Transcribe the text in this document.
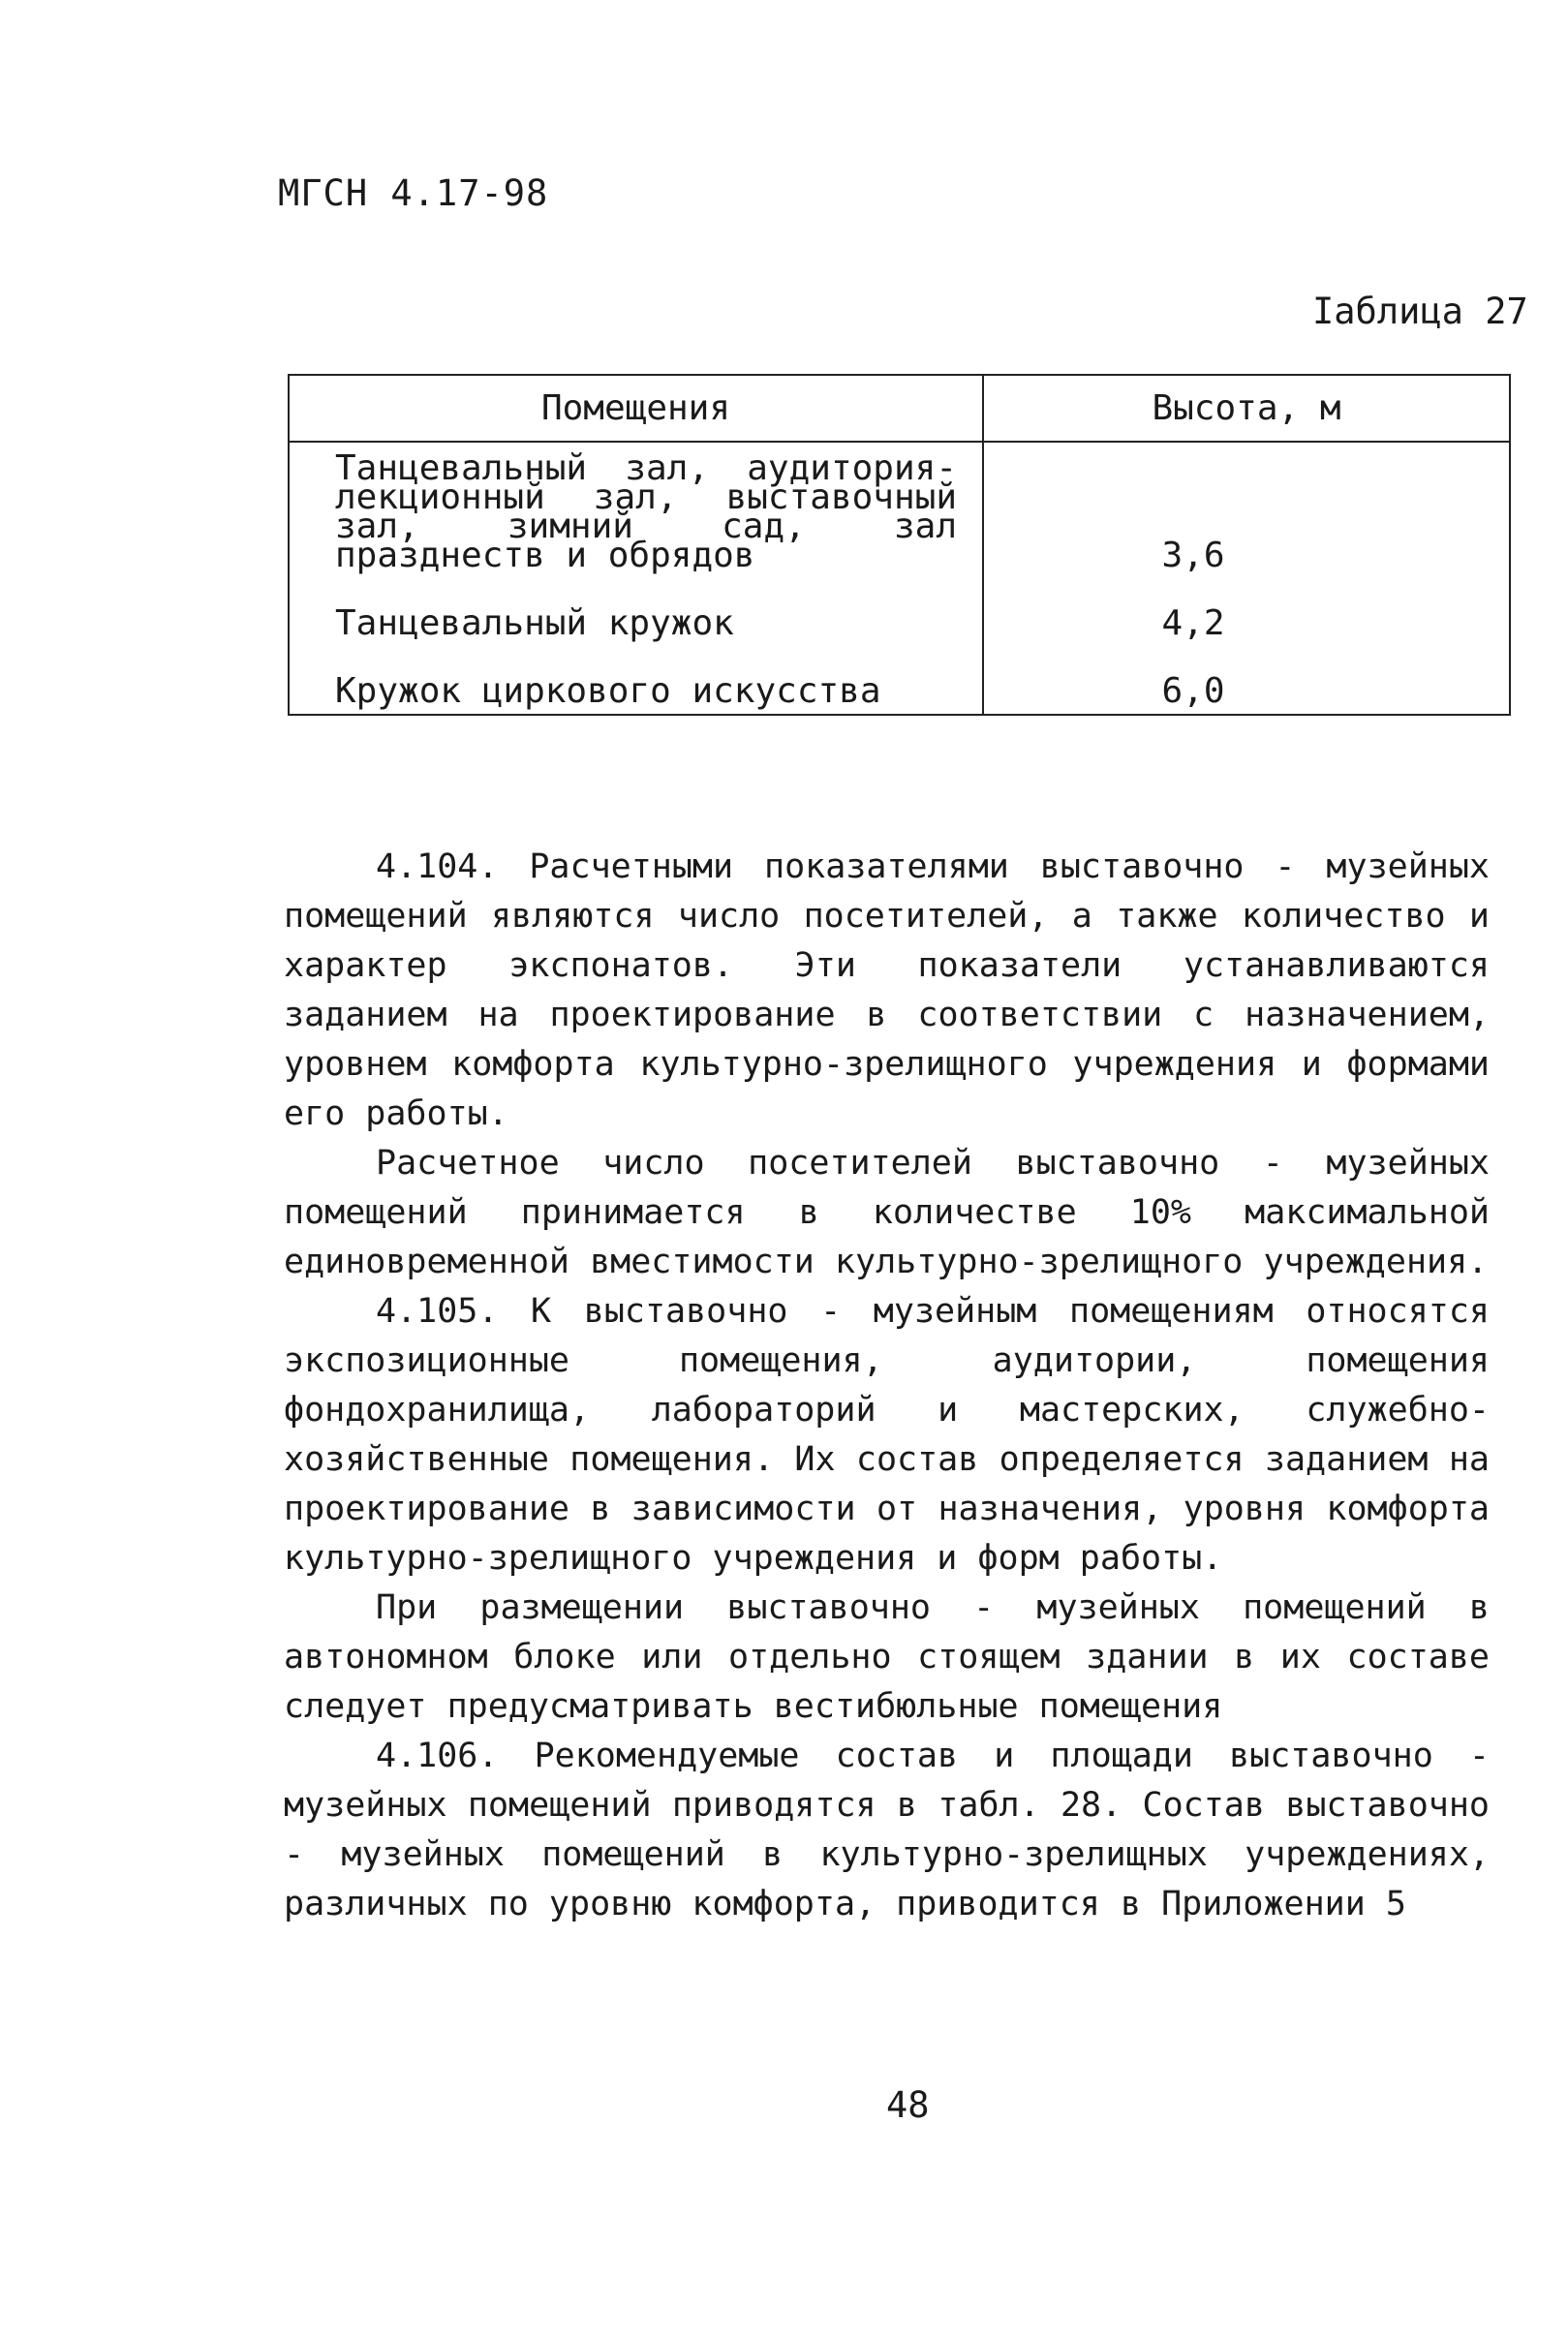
МГСН 4.17-98
Iаблица 27
Помещения	Высота, м
Танцевальный зал, аудитория-лекционный зал, выставочный зал, зимний сад, зал празднеств и обрядов	3,6
Танцевальный кружок	4,2
Кружок циркового искусства	6,0

4.104. Расчетными показателями выставочно - музейных помещений являются число посетителей, а также количество и характер экспонатов. Эти показатели устанавливаются заданием на проектирование в соответствии с назначением, уровнем комфорта культурно-зрелищного учреждения и формами его работы.

Расчетное число посетителей выставочно - музейных помещений принимается в количестве 10% максимальной единовременной вместимости культурно-зрелищного учреждения.

4.105. К выставочно - музейным помещениям относятся экспозиционные помещения, аудитории, помещения фондохранилища, лабораторий и мастерских, служебно-хозяйственные помещения. Их состав определяется заданием на проектирование в зависимости от назначения, уровня комфорта культурно-зрелищного учреждения и форм работы.

При размещении выставочно - музейных помещений в автономном блоке или отдельно стоящем здании в их составе следует предусматривать вестибюльные помещения

4.106. Рекомендуемые состав и площади выставочно - музейных помещений приводятся в табл. 28. Состав выставочно - музейных помещений в культурно-зрелищных учреждениях, различных по уровню комфорта, приводится в Приложении 5

48
